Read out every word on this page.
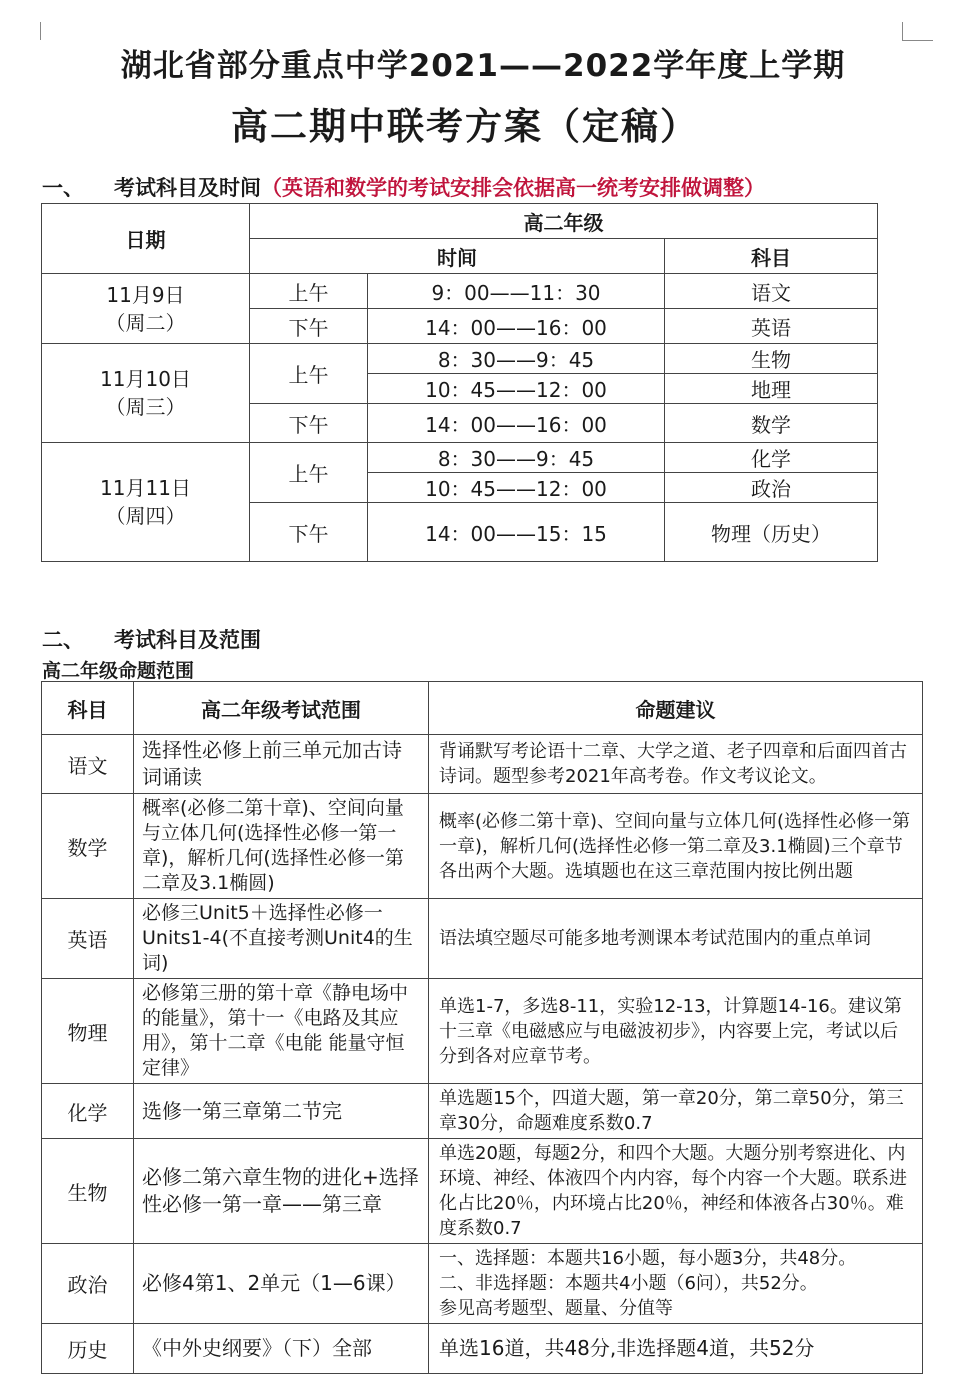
湖北省部分重点中学2021——2022学年度上学期
高二期中联考方案（定稿）
一、 考试科目及时间（英语和数学的考试安排会依据高一统考安排做调整）
日期	高二年级		
	时间		科目

11月9日
（周二）	上午	9：00——11：30	语文
	下午	14：00——16：00	英语

11月10日
（周三）	上午	8：30——9：45	生物
		10：45——12：00	地理
	下午	14：00——16：00	数学

11月11日
（周四）	上午	8：30——9：45	化学
		10：45——12：00	政治
	下午	14：00——15：15	物理（历史）
二、 考试科目及范围
高二年级命题范围
科目	高二年级考试范围	命题建议
语文	选择性必修上前三单元加古诗词诵读	背诵默写考论语十二章、大学之道、老子四章和后面四首古诗词。题型参考2021年高考卷。作文考议论文。
数学	概率(必修二第十章)、空间向量与立体几何(选择性必修一第一章)，解析几何(选择性必修一第二章及3.1椭圆)	概率(必修二第十章)、空间向量与立体几何(选择性必修一第一章)，解析几何(选择性必修一第二章及3.1椭圆)三个章节各出两个大题。选填题也在这三章范围内按比例出题
英语	必修三Unit5＋选择性必修一Units1-4(不直接考测Unit4的生词)	语法填空题尽可能多地考测课本考试范围内的重点单词
物理	必修第三册的第十章《静电场中的能量》，第十一《电路及其应用》，第十二章《电能 能量守恒定律》	单选1-7，多选8-11，实验12-13，计算题14-16。建议第十三章《电磁感应与电磁波初步》，内容要上完，考试以后分到各对应章节考。
化学	选修一第三章第二节完	单选题15个，四道大题，第一章20分，第二章50分，第三章30分，命题难度系数0.7
生物	必修二第六章生物的进化+选择性必修一第一章——第三章	单选20题，每题2分，和四个大题。大题分别考察进化、内环境、神经、体液四个内内容，每个内容一个大题。联系进化占比20％，内环境占比20％，神经和体液各占30％。难度系数0.7
政治	必修4第1、2单元（1—6课）	一、选择题：本题共16小题，每小题3分，共48分。
二、非选择题：本题共4小题（6问），共52分。
参见高考题型、题量、分值等
历史	《中外史纲要》（下）全部	单选16道，共48分,非选择题4道，共52分
